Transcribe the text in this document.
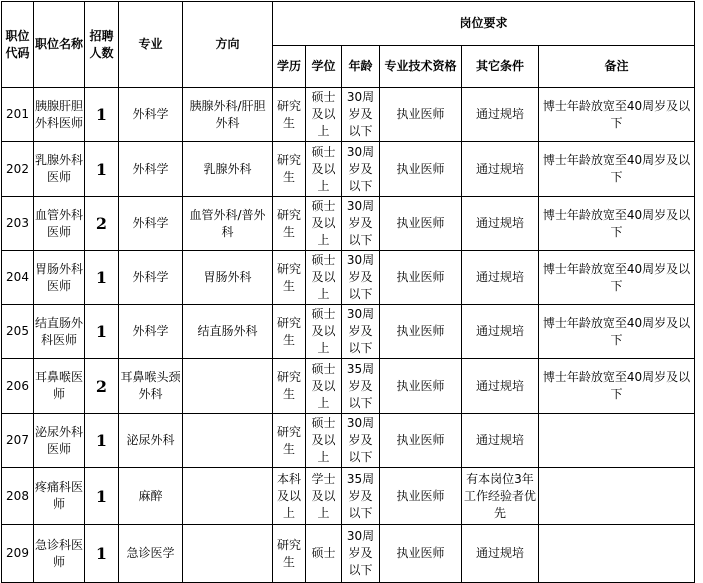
职位代码	职位名称	招聘人数	专业	方向	岗位要求					
					学历	学位	年龄	专业技术资格	其它条件	备注
201	胰腺肝胆外科医师	1	外科学	胰腺外科/肝胆外科	研究生	硕士及以上	30周岁及以下	执业医师	通过规培	博士年龄放宽至40周岁及以下
202	乳腺外科医师	1	外科学	乳腺外科	研究生	硕士及以上	30周岁及以下	执业医师	通过规培	博士年龄放宽至40周岁及以下
203	血管外科医师	2	外科学	血管外科/普外科	研究生	硕士及以上	30周岁及以下	执业医师	通过规培	博士年龄放宽至40周岁及以下
204	胃肠外科医师	1	外科学	胃肠外科	研究生	硕士及以上	30周岁及以下	执业医师	通过规培	博士年龄放宽至40周岁及以下
205	结直肠外科医师	1	外科学	结直肠外科	研究生	硕士及以上	30周岁及以下	执业医师	通过规培	博士年龄放宽至40周岁及以下
206	耳鼻喉医师	2	耳鼻喉头颈外科		研究生	硕士及以上	35周岁及以下	执业医师	通过规培	博士年龄放宽至40周岁及以下
207	泌尿外科医师	1	泌尿外科		研究生	硕士及以上	30周岁及以下	执业医师	通过规培	
208	疼痛科医师	1	麻醉		本科及以上	学士及以上	35周岁及以下	执业医师	有本岗位3年工作经验者优先	
209	急诊科医师	1	急诊医学		研究生	硕士	30周岁及以下	执业医师	通过规培	
